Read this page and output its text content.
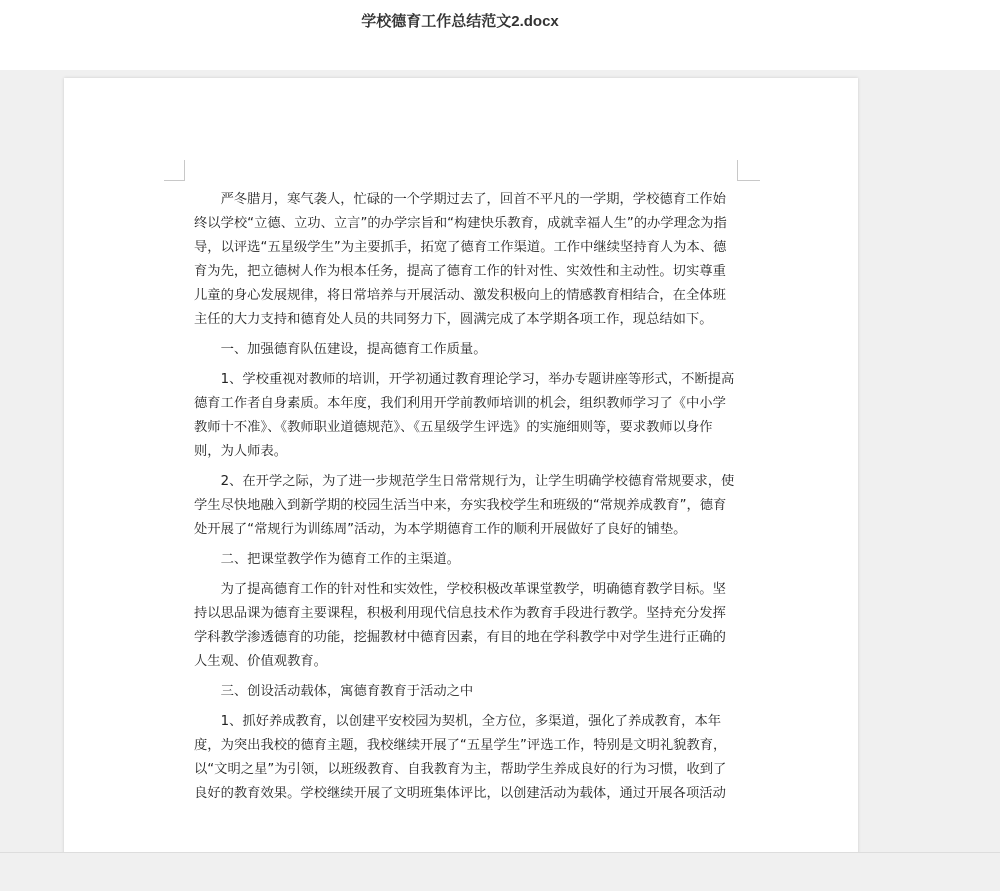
学校德育工作总结范文2.docx

严冬腊月，寒气袭人，忙碌的一个学期过去了，回首不平凡的一学期，学校德育工作始终以学校“立德、立功、立言”的办学宗旨和“构建快乐教育，成就幸福人生”的办学理念为指导，以评选“五星级学生”为主要抓手，拓宽了德育工作渠道。工作中继续坚持育人为本、德育为先，把立德树人作为根本任务，提高了德育工作的针对性、实效性和主动性。切实尊重儿童的身心发展规律，将日常培养与开展活动、激发积极向上的情感教育相结合，在全体班主任的大力支持和德育处人员的共同努力下，圆满完成了本学期各项工作，现总结如下。

一、加强德育队伍建设，提高德育工作质量。

1、学校重视对教师的培训，开学初通过教育理论学习，举办专题讲座等形式，不断提高德育工作者自身素质。本年度，我们利用开学前教师培训的机会，组织教师学习了《中小学教师十不准》、《教师职业道德规范》、《五星级学生评选》的实施细则等，要求教师以身作则，为人师表。

2、在开学之际，为了进一步规范学生日常常规行为，让学生明确学校德育常规要求，使学生尽快地融入到新学期的校园生活当中来，夯实我校学生和班级的“常规养成教育”，德育处开展了“常规行为训练周”活动，为本学期德育工作的顺利开展做好了良好的铺垫。

二、把课堂教学作为德育工作的主渠道。

为了提高德育工作的针对性和实效性，学校积极改革课堂教学，明确德育教学目标。坚持以思品课为德育主要课程，积极利用现代信息技术作为教育手段进行教学。坚持充分发挥学科教学渗透德育的功能，挖掘教材中德育因素，有目的地在学科教学中对学生进行正确的人生观、价值观教育。

三、创设活动载体，寓德育教育于活动之中

1、抓好养成教育，以创建平安校园为契机，全方位，多渠道，强化了养成教育，本年度，为突出我校的德育主题，我校继续开展了“五星学生”评选工作，特别是文明礼貌教育，以“文明之星”为引领，以班级教育、自我教育为主，帮助学生养成良好的行为习惯，收到了良好的教育效果。学校继续开展了文明班集体评比，以创建活动为载体，通过开展各项活动
